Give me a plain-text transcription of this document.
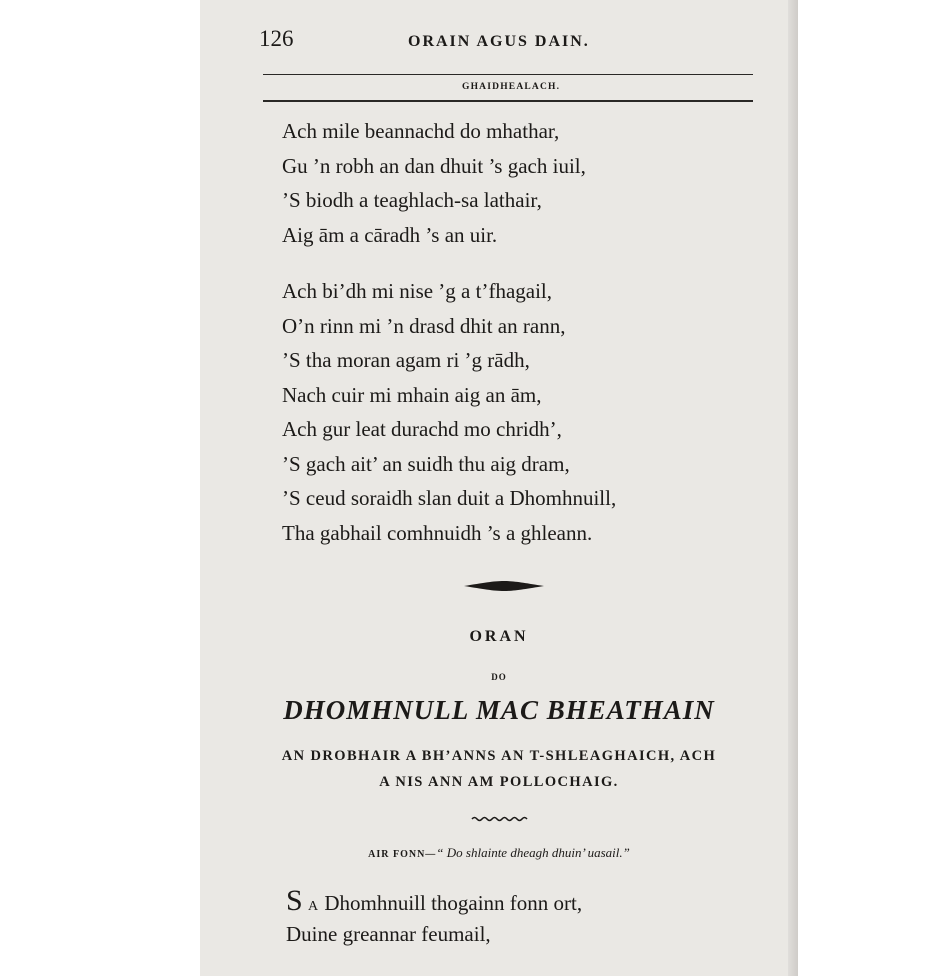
126	ORAIN AGUS DAIN.
GHAIDHEALACH.
Ach mile beannachd do mhathar,
Gu ’n robh an dan dhuit ’s gach iuil,
’S biodh a teaghlach-sa lathair,
Aig ām a cāradh ’s an uir.
Ach bi’dh mi nise ’g a t’fhagail,
O’n rinn mi ’n drasd dhit an rann,
’S tha moran agam ri ’g rādh,
Nach cuir mi mhain aig an ām,
Ach gur leat durachd mo chridh’,
’S gach ait’ an suidh thu aig dram,
’S ceud soraidh slan duit a Dhomhnuill,
Tha gabhail comhnuidh ’s a ghleann.
ORAN
DO
DHOMHNULL MAC BHEATHAIN
AN DROBHAIR A BH’ANNS AN T-SHLEAGHAICH, ACH
A NIS ANN AM POLLOCHAIG.
AIR FONN—“ Do shlainte dheagh dhuin’ uasail.”
S A Dhomhnuill thogainn fonn ort,
Duine greannar feumail,
